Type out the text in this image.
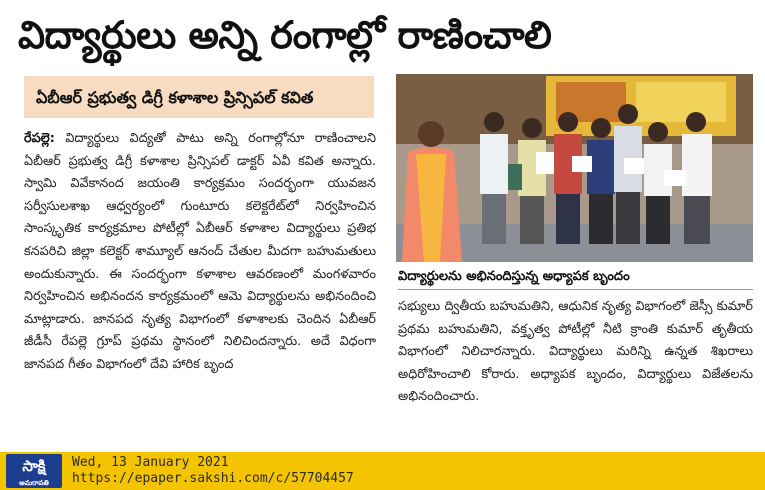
విద్యార్థులు అన్ని రంగాల్లో రాణించాలి
ఏబీఆర్ ప్రభుత్వ డిగ్రీ కళాశాల ప్రిన్సిపల్ కవిత

రేపల్లె: విద్యార్థులు విద్యతో పాటు అన్ని రంగాల్లోనూ రాణించాలని ఏబీఆర్ ప్రభుత్వ డిగ్రీ కళాశాల ప్రిన్సిపల్ డాక్టర్ ఏవీ కవిత అన్నారు. స్వామి వివేకానంద జయంతి కార్యక్రమం సందర్భంగా యువజన సర్వీసులశాఖ ఆధ్వర్యంలో గుంటూరు కలెక్టరేట్‌లో నిర్వహించిన సాంస్కృతిక కార్యక్రమాల పోటీల్లో ఏబీఆర్ కళాశాల విద్యార్థులు ప్రతిభ కనపరిచి జిల్లా కలెక్టర్ శామ్యూల్ ఆనంద్ చేతుల మీదగా బహుమతులు అందుకున్నారు. ఈ సందర్భంగా కళాశాల ఆవరణంలో మంగళవారం నిర్వహించిన అభినందన కార్యక్రమంలో ఆమె విద్యార్థులను అభినందించి మాట్లాడారు. జానపద నృత్య విభాగంలో కళాశాలకు చెందిన ఏబీఆర్ జీడీసీ రేపల్లె గ్రూప్ ప్రథమ స్థానంలో నిలిచిందన్నారు. అదే విధంగా జానపద గీతం విభాగంలో దేవి హారిక బృంద

విద్యార్థులను అభినందిస్తున్న అధ్యాపక బృందం

సభ్యులు ద్వితీయ బహుమతిని, ఆధునిక నృత్య విభాగంలో జెస్సీ కుమార్ ప్రథమ బహుమతిని, వక్తృత్వ పోటీల్లో నీటి క్రాంతి కుమార్ తృతీయ విభాగంలో నిలిచారన్నారు. విద్యార్థులు మరిన్ని ఉన్నత శిఖరాలు అధిరోహించాలి కోరారు. అధ్యాపక బృందం, విద్యార్థులు విజేతలను అభినందించారు.

సాక్షి
అమరావతి
Wed, 13 January 2021
https://epaper.sakshi.com/c/57704457
